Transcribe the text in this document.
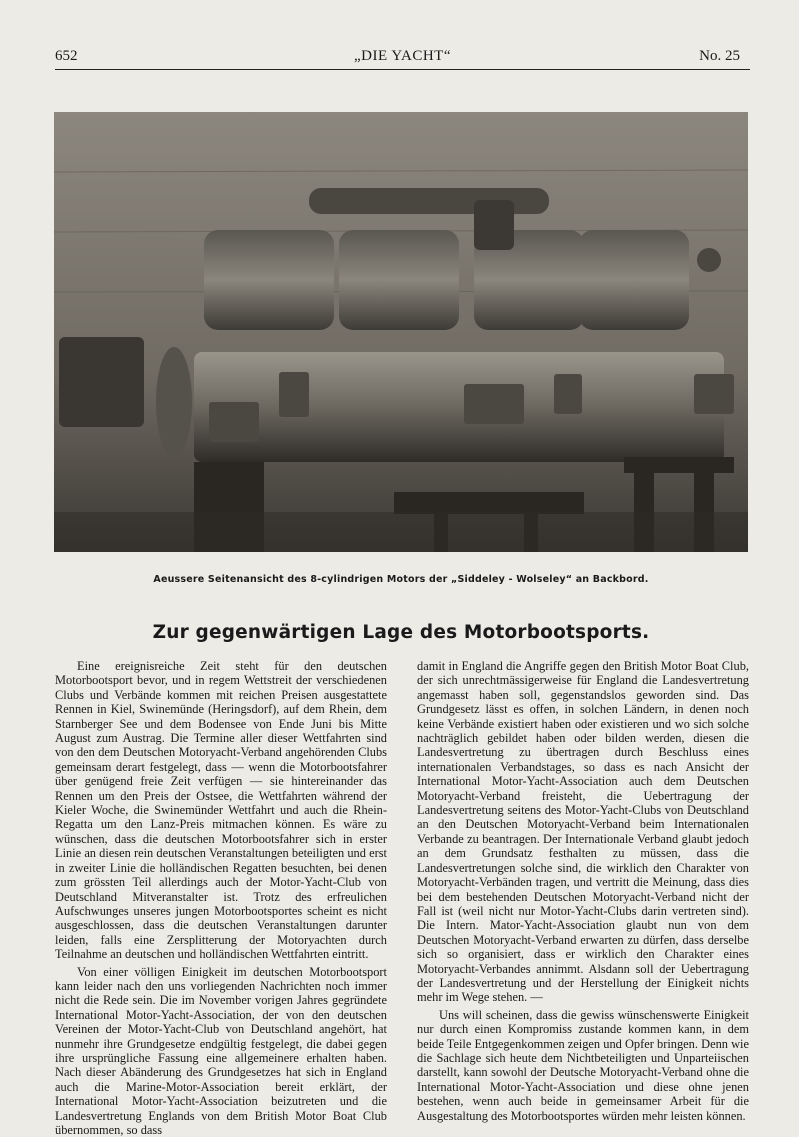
652	„DIE YACHT“	No. 25
Aeussere Seitenansicht des 8-cylindrigen Motors der „Siddeley - Wolseley“ an Backbord.
Zur gegenwärtigen Lage des Motorbootsports.

Eine ereignisreiche Zeit steht für den deutschen Motorbootsport bevor, und in regem Wettstreit der verschiedenen Clubs und Verbände kommen mit reichen Preisen ausgestattete Rennen in Kiel, Swinemünde (Heringsdorf), auf dem Rhein, dem Starnberger See und dem Bodensee von Ende Juni bis Mitte August zum Austrag. Die Termine aller dieser Wettfahrten sind von den dem Deutschen Motoryacht-Verband angehörenden Clubs gemeinsam derart festgelegt, dass — wenn die Motorbootsfahrer über genügend freie Zeit verfügen — sie hintereinander das Rennen um den Preis der Ostsee, die Wettfahrten während der Kieler Woche, die Swinemünder Wettfahrt und auch die Rhein-Regatta um den Lanz-Preis mitmachen können. Es wäre zu wünschen, dass die deutschen Motorbootsfahrer sich in erster Linie an diesen rein deutschen Veranstaltungen beteiligten und erst in zweiter Linie die holländischen Regatten besuchten, bei denen zum grössten Teil allerdings auch der Motor-Yacht-Club von Deutschland Mitveranstalter ist. Trotz des erfreulichen Aufschwunges unseres jungen Motorbootsportes scheint es nicht ausgeschlossen, dass die deutschen Veranstaltungen darunter leiden, falls eine Zersplitterung der Motoryachten durch Teilnahme an deutschen und holländischen Wettfahrten eintritt.

Von einer völligen Einigkeit im deutschen Motorbootsport kann leider nach den uns vorliegenden Nachrichten noch immer nicht die Rede sein. Die im November vorigen Jahres gegründete International Motor-Yacht-Association, der von den deutschen Vereinen der Motor-Yacht-Club von Deutschland angehört, hat nunmehr ihre Grundgesetze endgültig festgelegt, die dabei gegen ihre ursprüngliche Fassung eine allgemeinere erhalten haben. Nach dieser Abänderung des Grundgesetzes hat sich in England auch die Marine-Motor-Association bereit erklärt, der International Motor-Yacht-Association beizutreten und die Landesvertretung Englands von dem British Motor Boat Club übernommen, so dass

damit in England die Angriffe gegen den British Motor Boat Club, der sich unrechtmässigerweise für England die Landesvertretung angemasst haben soll, gegenstandslos geworden sind. Das Grundgesetz lässt es offen, in solchen Ländern, in denen noch keine Verbände existiert haben oder existieren und wo sich solche nachträglich gebildet haben oder bilden werden, diesen die Landesvertretung zu übertragen durch Beschluss eines internationalen Verbandstages, so dass es nach Ansicht der International Motor-Yacht-Association auch dem Deutschen Motoryacht-Verband freisteht, die Uebertragung der Landesvertretung seitens des Motor-Yacht-Clubs von Deutschland an den Deutschen Motoryacht-Verband beim Internationalen Verbande zu beantragen. Der Internationale Verband glaubt jedoch an dem Grundsatz festhalten zu müssen, dass die Landesvertretungen solche sind, die wirklich den Charakter von Motoryacht-Verbänden tragen, und vertritt die Meinung, dass dies bei dem bestehenden Deutschen Motoryacht-Verband nicht der Fall ist (weil nicht nur Motor-Yacht-Clubs darin vertreten sind). Die Intern. Mator-Yacht-Association glaubt nun von dem Deutschen Motoryacht-Verband erwarten zu dürfen, dass derselbe sich so organisiert, dass er wirklich den Charakter eines Motoryacht-Verbandes annimmt. Alsdann soll der Uebertragung der Landesvertretung und der Herstellung der Einigkeit nichts mehr im Wege stehen. —

Uns will scheinen, dass die gewiss wünschenswerte Einigkeit nur durch einen Kompromiss zustande kommen kann, in dem beide Teile Entgegenkommen zeigen und Opfer bringen. Denn wie die Sachlage sich heute dem Nichtbeteiligten und Unparteiischen darstellt, kann sowohl der Deutsche Motoryacht-Verband ohne die International Motor-Yacht-Association und diese ohne jenen bestehen, wenn auch beide in gemeinsamer Arbeit für die Ausgestaltung des Motorbootsportes würden mehr leisten können.
